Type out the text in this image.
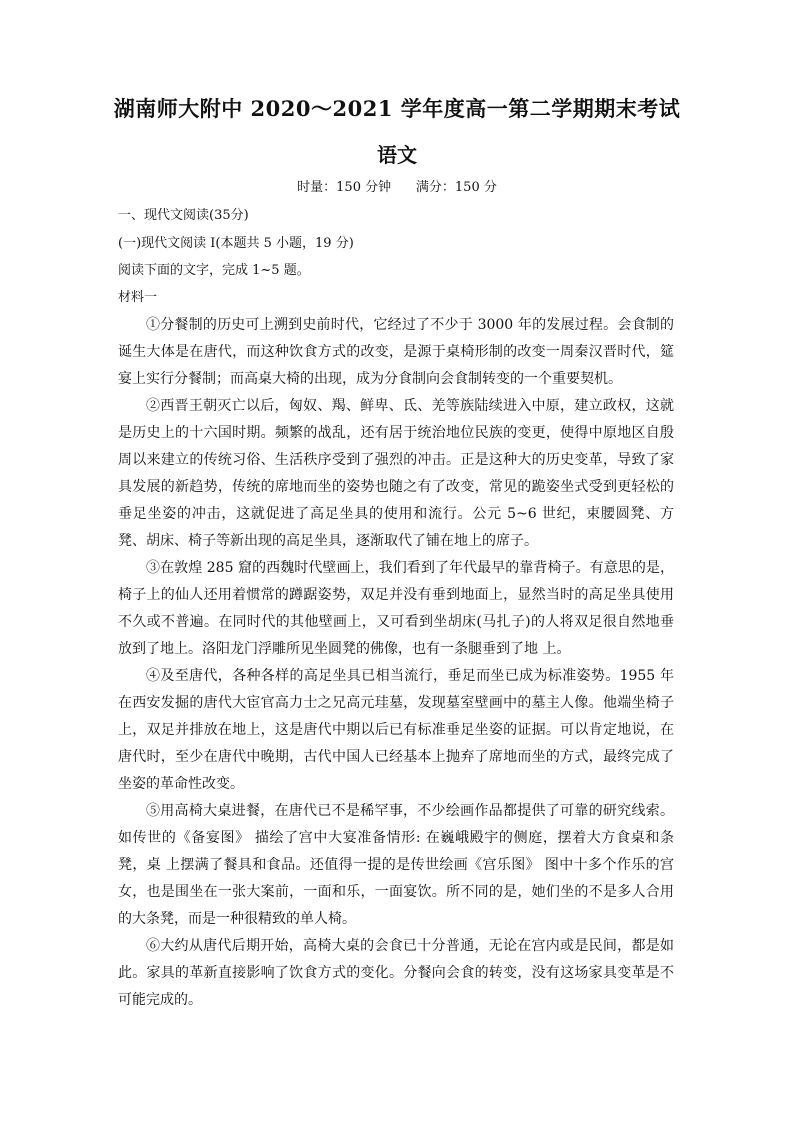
湖南师大附中 2020～2021 学年度高一第二学期期末考试
语文
时量：150 分钟      满分：150 分
一、现代文阅读(35分)
(一)现代文阅读 I(本题共 5 小题，19 分)
阅读下面的文字，完成 1~5 题。
材料一

①分餐制的历史可上溯到史前时代，它经过了不少于 3000 年的发展过程。会食制的诞生大体是在唐代，而这种饮食方式的改变，是源于桌椅形制的改变一周秦汉晋时代，筵宴上实行分餐制；而高桌大椅的出现，成为分食制向会食制转变的一个重要契机。

②西晋王朝灭亡以后，匈奴、羯、鲜卑、氐、羌等族陆续进入中原，建立政权，这就是历史上的十六国时期。频繁的战乱，还有居于统治地位民族的变更，使得中原地区自殷周以来建立的传统习俗、生活秩序受到了强烈的冲击。正是这种大的历史变革，导致了家具发展的新趋势，传统的席地而坐的姿势也随之有了改变，常见的跪姿坐式受到更轻松的垂足坐姿的冲击，这就促进了高足坐具的使用和流行。公元 5~6 世纪，束腰圆凳、方凳、胡床、椅子等新出现的高足坐具，逐渐取代了铺在地上的席子。

③在敦煌 285 窟的西魏时代壁画上，我们看到了年代最早的靠背椅子。有意思的是，椅子上的仙人还用着惯常的蹲踞姿势，双足并没有垂到地面上，显然当时的高足坐具使用不久或不普遍。在同时代的其他壁画上，又可看到坐胡床(马扎子)的人将双足很自然地垂放到了地上。洛阳龙门浮雕所见坐圆凳的佛像，也有一条腿垂到了地 上。

④及至唐代，各种各样的高足坐具已相当流行，垂足而坐已成为标准姿势。1955 年在西安发掘的唐代大宦官高力士之兄高元珪墓，发现墓室壁画中的墓主人像。他端坐椅子上，双足并排放在地上，这是唐代中期以后已有标准垂足坐姿的证据。可以肯定地说，在唐代时，至少在唐代中晚期，古代中国人已经基本上抛弃了席地而坐的方式，最终完成了坐姿的革命性改变。

⑤用高椅大桌进餐，在唐代已不是稀罕事，不少绘画作品都提供了可靠的研究线索。如传世的《备宴图》 描绘了宫中大宴准备情形: 在巍峨殿宇的侧庭，摆着大方食桌和条凳，桌 上摆满了餐具和食品。还值得一提的是传世绘画《宫乐图》 图中十多个作乐的宫女，也是围坐在一张大案前，一面和乐，一面宴饮。所不同的是，她们坐的不是多人合用的大条凳，而是一种很精致的单人椅。

⑥大约从唐代后期开始，高椅大桌的会食已十分普通，无论在宫内或是民间，都是如此。家具的革新直接影响了饮食方式的变化。分餐向会食的转变，没有这场家具变革是不可能完成的。
